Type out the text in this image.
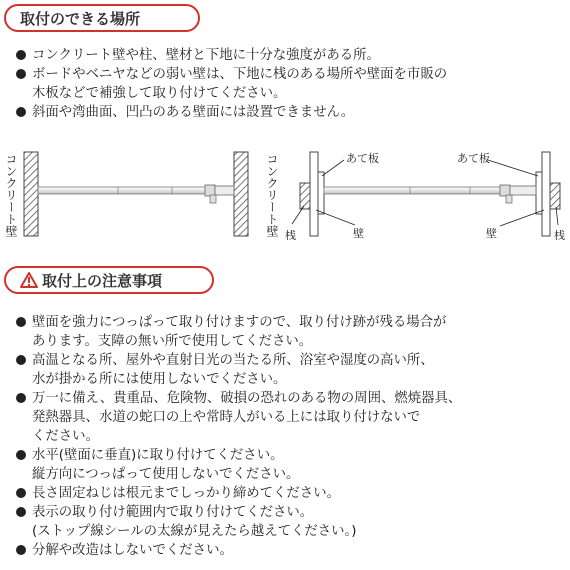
取付のできる場所
コンクリート壁や柱、壁材と下地に十分な強度がある所。
ボードやベニヤなどの弱い壁は、下地に桟のある場所や壁面を市販の
木板などで補強して取り付けてください。
斜面や湾曲面、凹凸のある壁面には設置できません。
コンクリート壁	コンクリート壁	あて板	あて板
桟	壁	壁	桟
取付上の注意事項
壁面を強力につっぱって取り付けますので、取り付け跡が残る場合が
あります。支障の無い所で使用してください。
高温となる所、屋外や直射日光の当たる所、浴室や湿度の高い所、
水が掛かる所には使用しないでください。
万一に備え、貴重品、危険物、破損の恐れのある物の周囲、燃焼器具、
発熱器具、水道の蛇口の上や常時人がいる上には取り付けないで
ください。
水平(壁面に垂直)に取り付けてください。
縦方向につっぱって使用しないでください。
長さ固定ねじは根元までしっかり締めてください。
表示の取り付け範囲内で取り付けてください。
(ストップ線シールの太線が見えたら越えてください。)
分解や改造はしないでください。
